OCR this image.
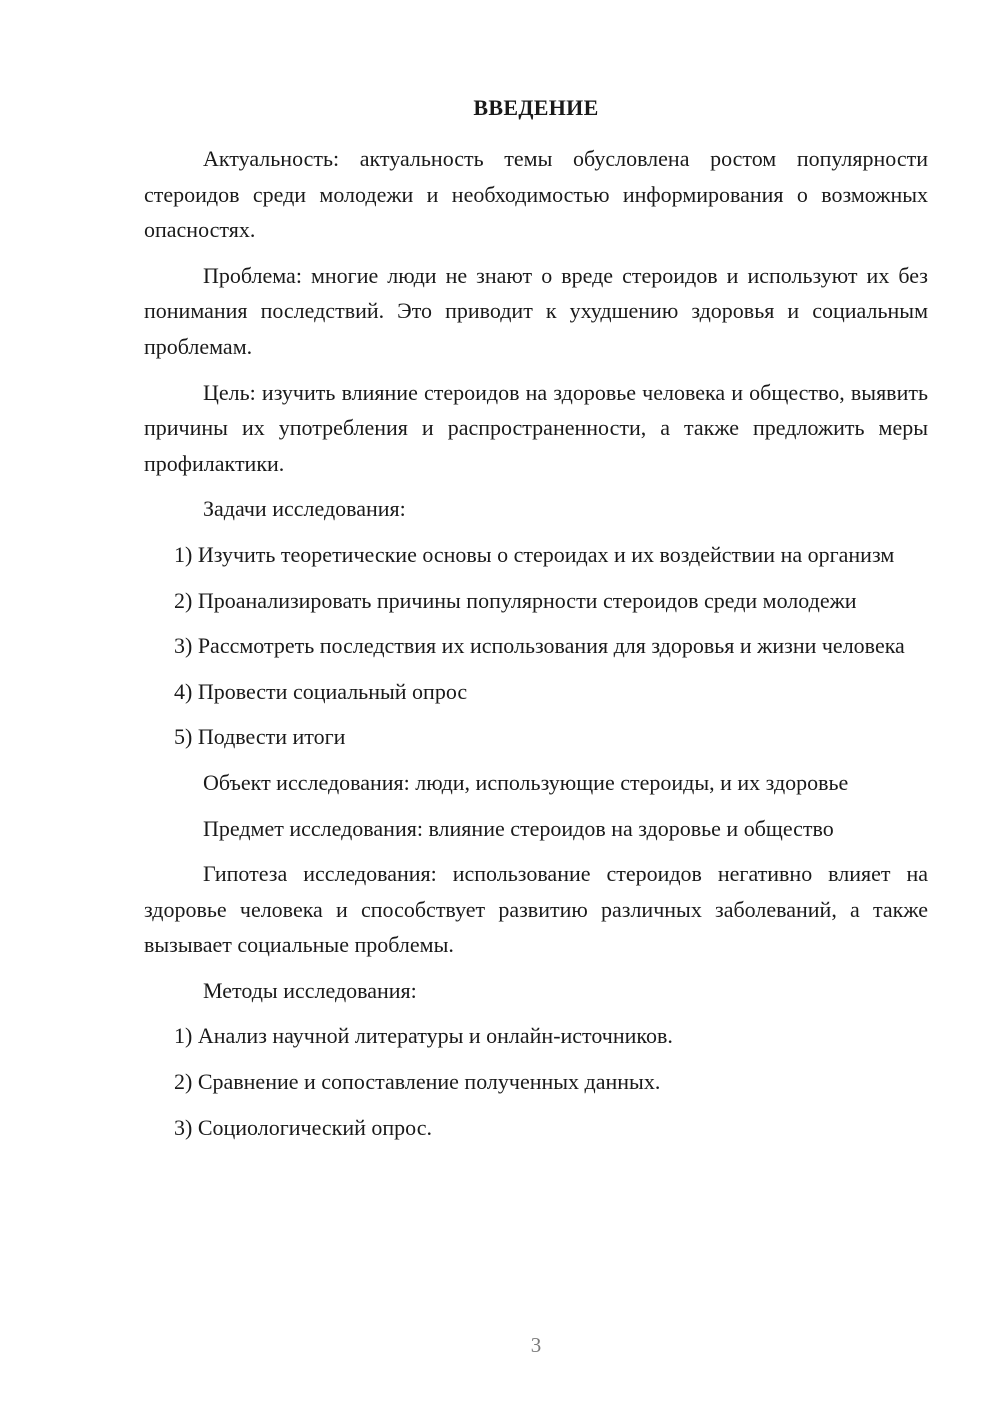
ВВЕДЕНИЕ

Актуальность: актуальность темы обусловлена ростом популярности стероидов среди молодежи и необходимостью информирования о возможных опасностях.

Проблема: многие люди не знают о вреде стероидов и используют их без понимания последствий. Это приводит к ухудшению здоровья и социальным проблемам.

Цель: изучить влияние стероидов на здоровье человека и общество, выявить причины их употребления и распространенности, а также предложить меры профилактики.

Задачи исследования:

1) Изучить теоретические основы о стероидах и их воздействии на организм

2) Проанализировать причины популярности стероидов среди молодежи

3) Рассмотреть последствия их использования для здоровья и жизни человека

4) Провести социальный опрос

5) Подвести итоги

Объект исследования: люди, использующие стероиды, и их здоровье

Предмет исследования: влияние стероидов на здоровье и общество

Гипотеза исследования: использование стероидов негативно влияет на здоровье человека и способствует развитию различных заболеваний, а также вызывает социальные проблемы.

Методы исследования:

1) Анализ научной литературы и онлайн-источников.

2) Сравнение и сопоставление полученных данных.

3) Социологический опрос.

3
